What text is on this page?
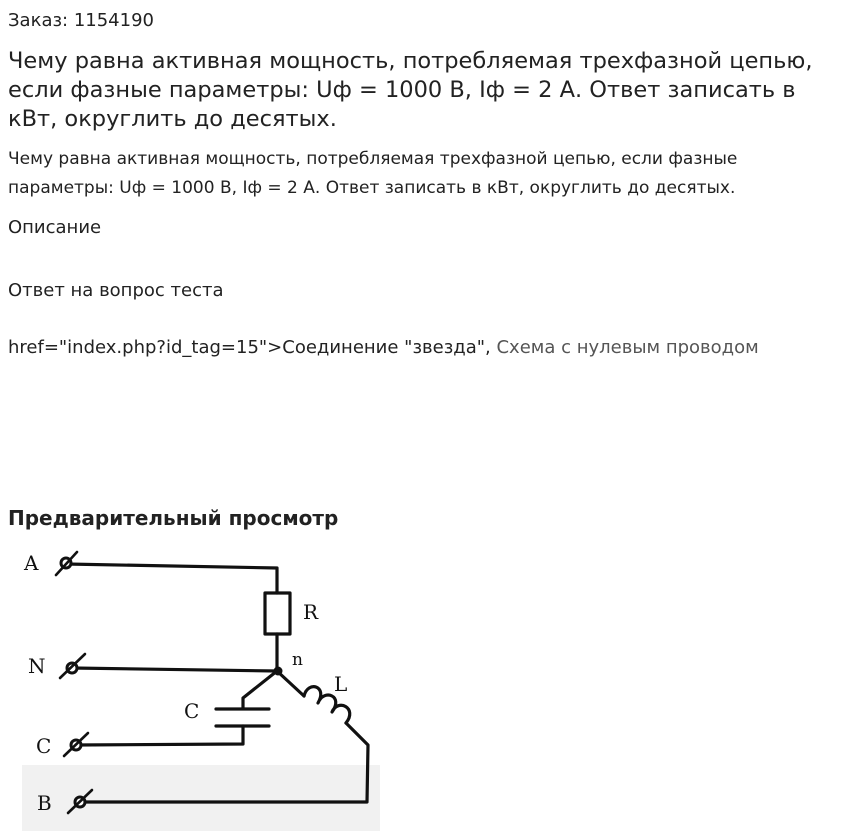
Заказ: 1154190
Чему равна активная мощность, потребляемая трехфазной цепью, если фазные параметры: Uф = 1000 В, Iф = 2 А. Ответ записать в кВт, округлить до десятых.

Чему равна активная мощность, потребляемая трехфазной цепью, если фазные параметры: Uф = 1000 В, Iф = 2 А. Ответ записать в кВт, округлить до десятых.

Описание
Ответ на вопрос теста
href="index.php?id_tag=15">Соединение "звезда", Схема с нулевым проводом
Предварительный просмотр
A
N
C
B
R
n
L
C
